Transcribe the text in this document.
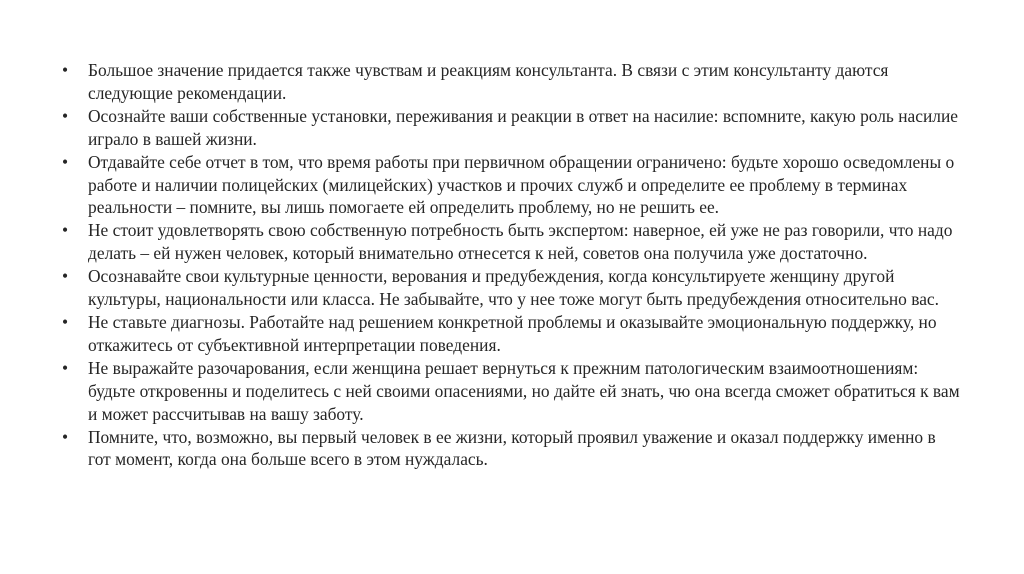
•	Большое значение придается также чувствам и реакциям консультанта. В связи с этим консультанту даются следующие рекомендации.
•	Осознайте ваши собственные установки, переживания и реакции в ответ на насилие: вспомните, какую роль насилие играло в вашей жизни.
•	Отдавайте себе отчет в том, что время работы при первичном обращении ограничено: будьте хорошо осведомлены о работе и наличии полицейских (милицейских) участков и прочих служб и определите ее проблему в терминах реальности – помните, вы лишь помогаете ей определить проблему, но не решить ее.
•	Не стоит удовлетворять свою собственную потребность быть экспертом: наверное, ей уже не раз говорили, что надо делать – ей нужен человек, который внимательно отнесется к ней, советов она получила уже достаточно.
•	Осознавайте свои культурные ценности, верования и предубеждения, когда консультируете женщину другой культуры, национальности или класса. Не забывайте, что у нее тоже могут быть предубеждения относительно вас.
•	Не ставьте диагнозы. Работайте над решением конкретной проблемы и оказывайте эмоциональную поддержку, но откажитесь от субъективной интерпретации поведения.
•	Не выражайте разочарования, если женщина решает вернуться к прежним патологическим взаимоотношениям: будьте откровенны и поделитесь с ней своими опасениями, но дайте ей знать, чю она всегда сможет обратиться к вам и может рассчитывав на вашу заботу.
•	Помните, что, возможно, вы первый человек в ее жизни, который проявил уважение и оказал поддержку именно в гот момент, когда она больше всего в этом нуждалась.
